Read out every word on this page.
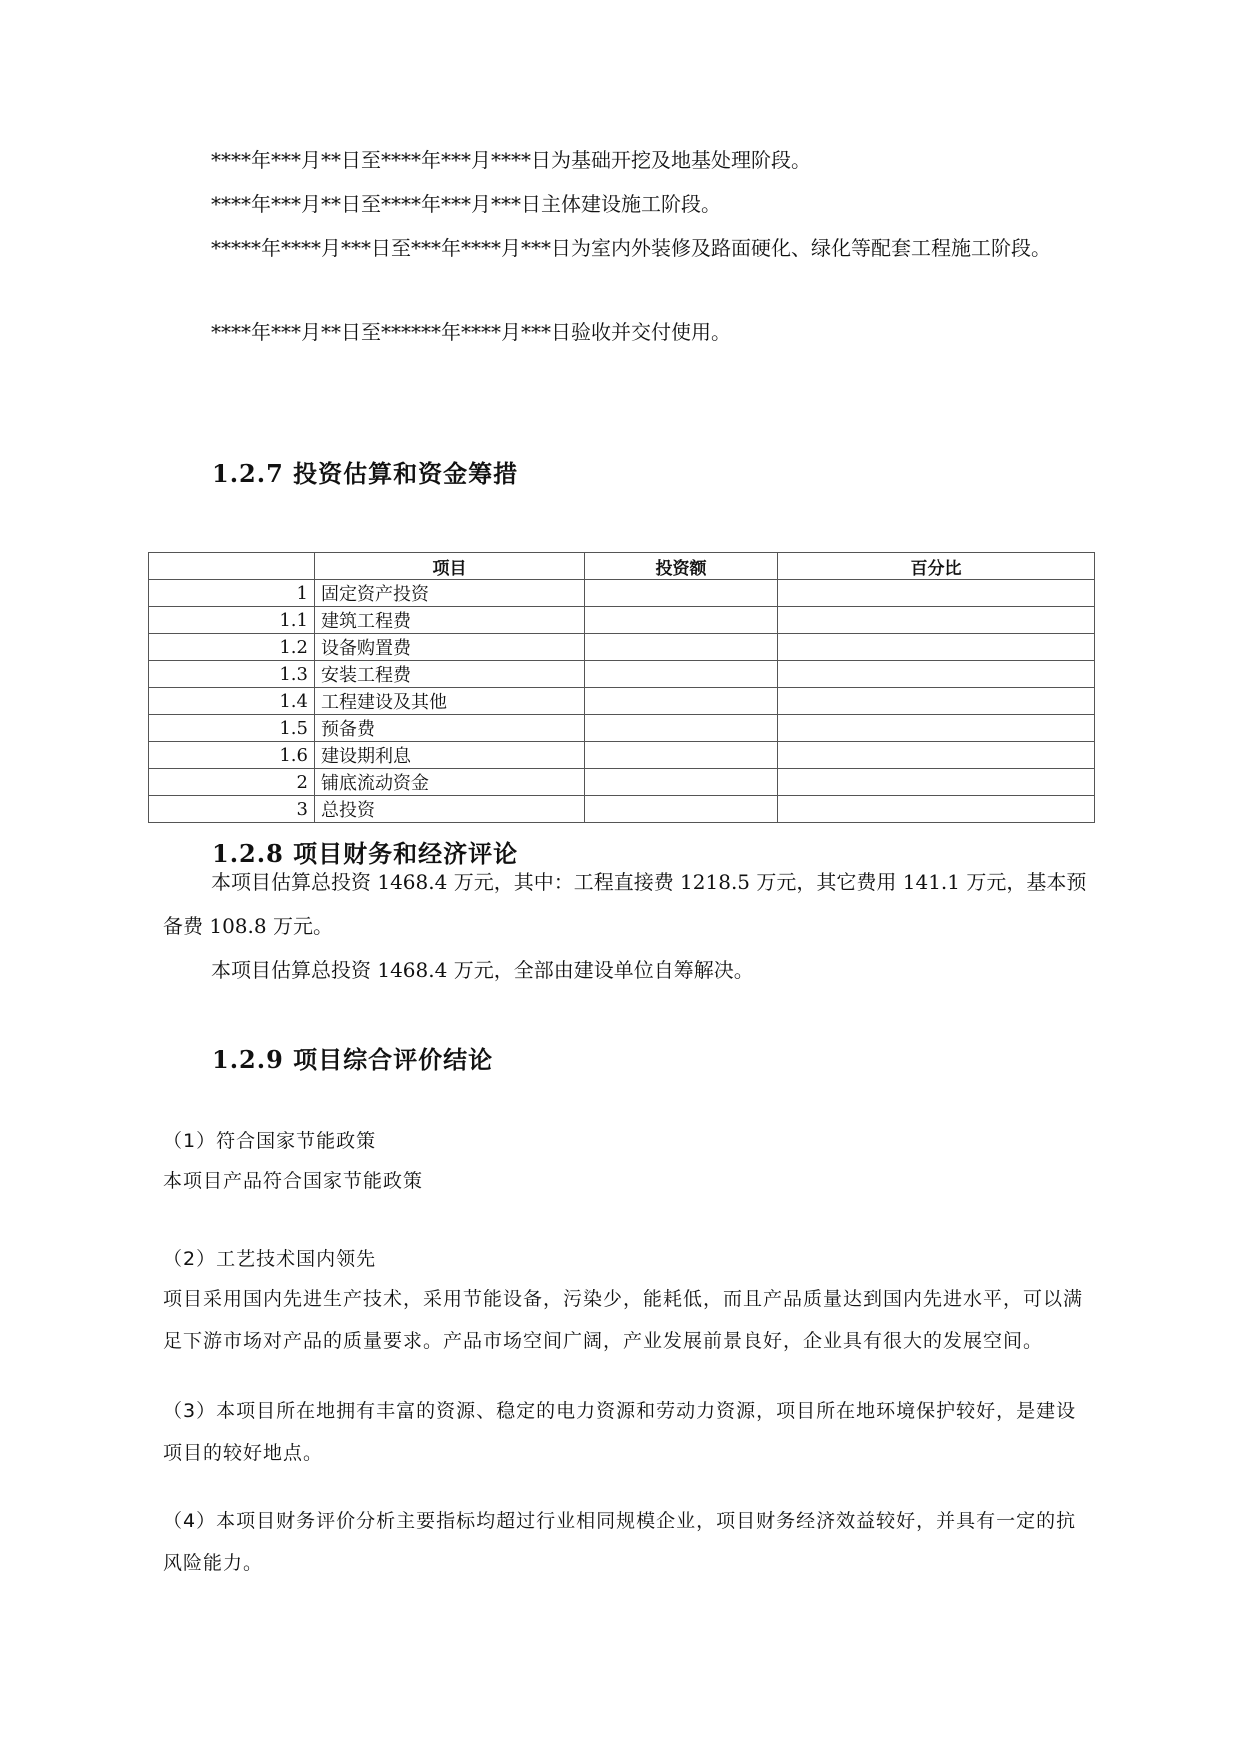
****年***月**日至****年***月****日为基础开挖及地基处理阶段。

****年***月**日至****年***月***日主体建设施工阶段。

*****年****月***日至***年****月***日为室内外装修及路面硬化、绿化等配套工程施工阶段。

****年***月**日至******年****月***日验收并交付使用。

1.2.7 投资估算和资金筹措
	项目	投资额	百分比
1	固定资产投资		
1.1	建筑工程费		
1.2	设备购置费		
1.3	安装工程费		
1.4	工程建设及其他		
1.5	预备费		
1.6	建设期利息		
2	铺底流动资金		
3	总投资		
1.2.8 项目财务和经济评论

本项目估算总投资 1468.4 万元，其中：工程直接费 1218.5 万元，其它费用 141.1 万元，基本预备费 108.8 万元。

本项目估算总投资 1468.4 万元，全部由建设单位自筹解决。

1.2.9 项目综合评价结论

（1）符合国家节能政策

本项目产品符合国家节能政策

（2）工艺技术国内领先

项目采用国内先进生产技术，采用节能设备，污染少，能耗低，而且产品质量达到国内先进水平，可以满足下游市场对产品的质量要求。产品市场空间广阔，产业发展前景良好，企业具有很大的发展空间。

（3）本项目所在地拥有丰富的资源、稳定的电力资源和劳动力资源，项目所在地环境保护较好，是建设项目的较好地点。

（4）本项目财务评价分析主要指标均超过行业相同规模企业，项目财务经济效益较好，并具有一定的抗风险能力。
